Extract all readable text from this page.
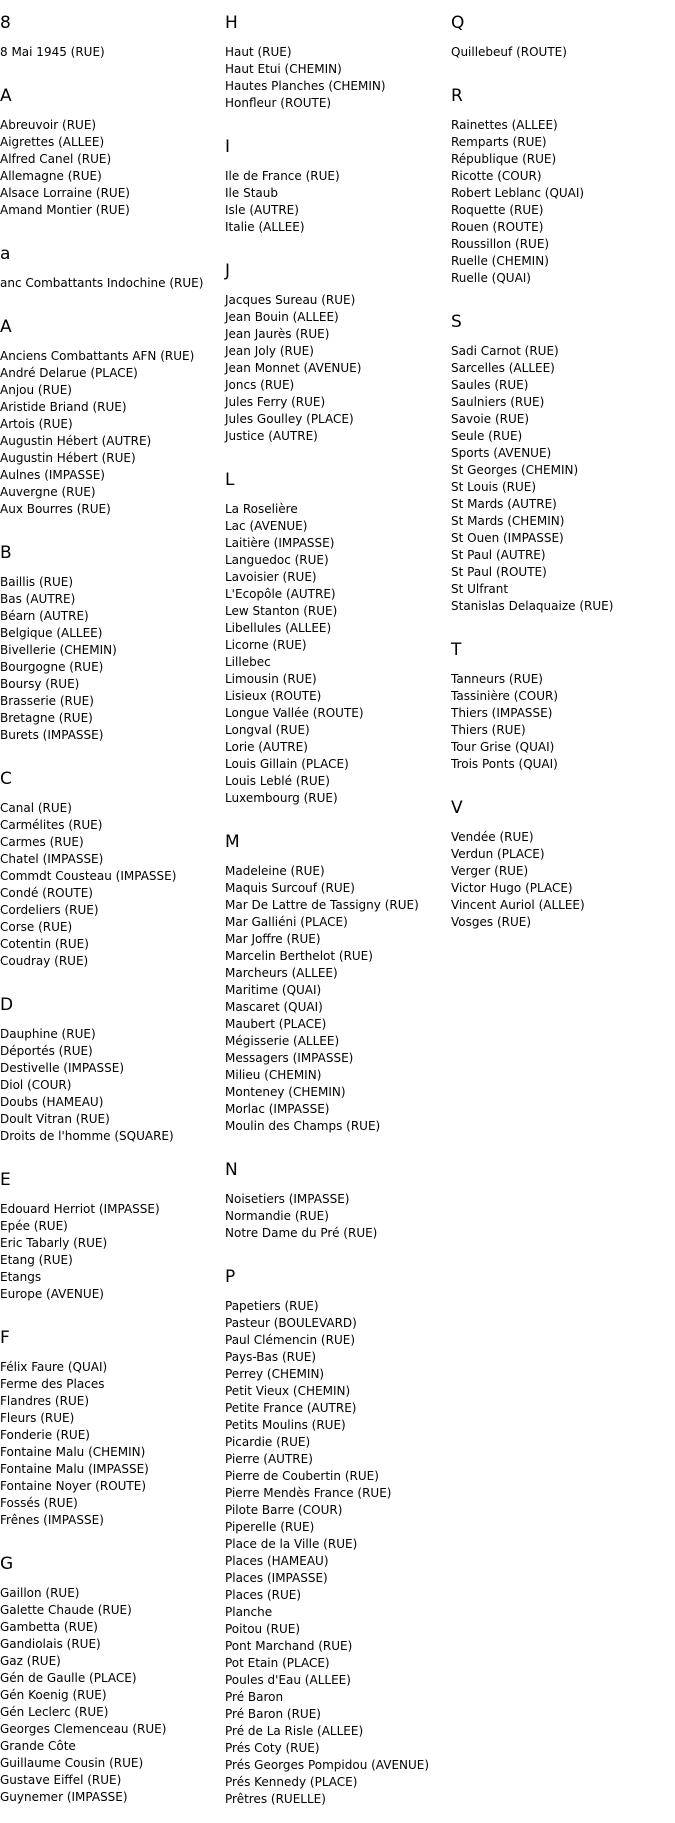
8
8 Mai 1945 (RUE)
A
Abreuvoir (RUE)
Aigrettes (ALLEE)
Alfred Canel (RUE)
Allemagne (RUE)
Alsace Lorraine (RUE)
Amand Montier (RUE)
a
anc Combattants Indochine (RUE)
A
Anciens Combattants AFN (RUE)
André Delarue (PLACE)
Anjou (RUE)
Aristide Briand (RUE)
Artois (RUE)
Augustin Hébert (AUTRE)
Augustin Hébert (RUE)
Aulnes (IMPASSE)
Auvergne (RUE)
Aux Bourres (RUE)
B
Baillis (RUE)
Bas (AUTRE)
Béarn (AUTRE)
Belgique (ALLEE)
Bivellerie (CHEMIN)
Bourgogne (RUE)
Boursy (RUE)
Brasserie (RUE)
Bretagne (RUE)
Burets (IMPASSE)
C
Canal (RUE)
Carmélites (RUE)
Carmes (RUE)
Chatel (IMPASSE)
Commdt Cousteau (IMPASSE)
Condé (ROUTE)
Cordeliers (RUE)
Corse (RUE)
Cotentin (RUE)
Coudray (RUE)
D
Dauphine (RUE)
Déportés (RUE)
Destivelle (IMPASSE)
Diol (COUR)
Doubs (HAMEAU)
Doult Vitran (RUE)
Droits de l'homme (SQUARE)
E
Edouard Herriot (IMPASSE)
Epée (RUE)
Eric Tabarly (RUE)
Etang (RUE)
Etangs
Europe (AVENUE)
F
Félix Faure (QUAI)
Ferme des Places
Flandres (RUE)
Fleurs (RUE)
Fonderie (RUE)
Fontaine Malu (CHEMIN)
Fontaine Malu (IMPASSE)
Fontaine Noyer (ROUTE)
Fossés (RUE)
Frênes (IMPASSE)
G
Gaillon (RUE)
Galette Chaude (RUE)
Gambetta (RUE)
Gandiolais (RUE)
Gaz (RUE)
Gén de Gaulle (PLACE)
Gén Koenig (RUE)
Gén Leclerc (RUE)
Georges Clemenceau (RUE)
Grande Côte
Guillaume Cousin (RUE)
Gustave Eiffel (RUE)
Guynemer (IMPASSE)
H
Haut (RUE)
Haut Etui (CHEMIN)
Hautes Planches (CHEMIN)
Honfleur (ROUTE)
I
Ile de France (RUE)
Ile Staub
Isle (AUTRE)
Italie (ALLEE)
J
Jacques Sureau (RUE)
Jean Bouin (ALLEE)
Jean Jaurès (RUE)
Jean Joly (RUE)
Jean Monnet (AVENUE)
Joncs (RUE)
Jules Ferry (RUE)
Jules Goulley (PLACE)
Justice (AUTRE)
L
La Roselière
Lac (AVENUE)
Laitière (IMPASSE)
Languedoc (RUE)
Lavoisier (RUE)
L'Ecopôle (AUTRE)
Lew Stanton (RUE)
Libellules (ALLEE)
Licorne (RUE)
Lillebec
Limousin (RUE)
Lisieux (ROUTE)
Longue Vallée (ROUTE)
Longval (RUE)
Lorie (AUTRE)
Louis Gillain (PLACE)
Louis Leblé (RUE)
Luxembourg (RUE)
M
Madeleine (RUE)
Maquis Surcouf (RUE)
Mar De Lattre de Tassigny (RUE)
Mar Galliéni (PLACE)
Mar Joffre (RUE)
Marcelin Berthelot (RUE)
Marcheurs (ALLEE)
Maritime (QUAI)
Mascaret (QUAI)
Maubert (PLACE)
Mégisserie (ALLEE)
Messagers (IMPASSE)
Milieu (CHEMIN)
Monteney (CHEMIN)
Morlac (IMPASSE)
Moulin des Champs (RUE)
N
Noisetiers (IMPASSE)
Normandie (RUE)
Notre Dame du Pré (RUE)
P
Papetiers (RUE)
Pasteur (BOULEVARD)
Paul Clémencin (RUE)
Pays-Bas (RUE)
Perrey (CHEMIN)
Petit Vieux (CHEMIN)
Petite France (AUTRE)
Petits Moulins (RUE)
Picardie (RUE)
Pierre (AUTRE)
Pierre de Coubertin (RUE)
Pierre Mendès France (RUE)
Pilote Barre (COUR)
Piperelle (RUE)
Place de la Ville (RUE)
Places (HAMEAU)
Places (IMPASSE)
Places (RUE)
Planche
Poitou (RUE)
Pont Marchand (RUE)
Pot Etain (PLACE)
Poules d'Eau (ALLEE)
Pré Baron
Pré Baron (RUE)
Pré de La Risle (ALLEE)
Prés Coty (RUE)
Prés Georges Pompidou (AVENUE)
Prés Kennedy (PLACE)
Prêtres (RUELLE)
Q
Quillebeuf (ROUTE)
R
Rainettes (ALLEE)
Remparts (RUE)
République (RUE)
Ricotte (COUR)
Robert Leblanc (QUAI)
Roquette (RUE)
Rouen (ROUTE)
Roussillon (RUE)
Ruelle (CHEMIN)
Ruelle (QUAI)
S
Sadi Carnot (RUE)
Sarcelles (ALLEE)
Saules (RUE)
Saulniers (RUE)
Savoie (RUE)
Seule (RUE)
Sports (AVENUE)
St Georges (CHEMIN)
St Louis (RUE)
St Mards (AUTRE)
St Mards (CHEMIN)
St Ouen (IMPASSE)
St Paul (AUTRE)
St Paul (ROUTE)
St Ulfrant
Stanislas Delaquaize (RUE)
T
Tanneurs (RUE)
Tassinière (COUR)
Thiers (IMPASSE)
Thiers (RUE)
Tour Grise (QUAI)
Trois Ponts (QUAI)
V
Vendée (RUE)
Verdun (PLACE)
Verger (RUE)
Victor Hugo (PLACE)
Vincent Auriol (ALLEE)
Vosges (RUE)
